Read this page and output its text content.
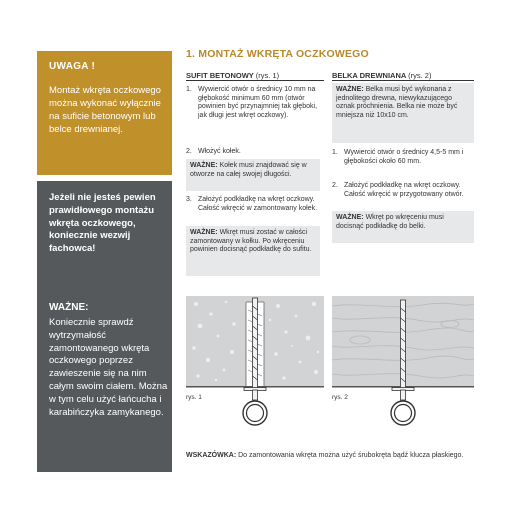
UWAGA !
Montaż wkręta oczkowego można wykonać wyłącznie na suficie betonowym lub belce drewnianej.
Jeżeli nie jesteś pewien prawidłowego montażu wkręta oczkowego, koniecznie wezwij fachowca!
WAŻNE:
Koniecznie sprawdź wytrzymałość zamontowanego wkręta oczkowego poprzez zawieszenie się na nim całym swoim ciałem. Można w tym celu użyć łańcucha i karabińczyka zamykanego.
1. MONTAŻ WKRĘTA OCZKOWEGO
SUFIT BETONOWY (rys. 1)
1. Wywiercić otwór o średnicy 10 mm na głębokość minimum 60 mm (otwór powinien być przynajmniej tak głęboki, jak długi jest wkręt oczkowy).
2. Włożyć kołek.
WAŻNE: Kołek musi znajdować się w otworze na całej swojej długości.
3. Założyć podkładkę na wkręt oczkowy. Całość wkręcić w zamontowany kołek.
WAŻNE: Wkręt musi zostać w całości zamontowany w kołku. Po wkręceniu powinien docisnąć podkładkę do sufitu.
BELKA DREWNIANA (rys. 2)
WAŻNE: Belka musi być wykonana z jednolitego drewna, niewykazującego oznak próchnienia. Belka nie może być mniejsza niż 10x10 cm.
1. Wywiercić otwór o średnicy 4,5-5 mm i głębokości około 60 mm.
2. Założyć podkładkę na wkręt oczkowy. Całość wkręcić w przygotowany otwór.
WAŻNE: Wkręt po wkręceniu musi docisnąć podkładkę do belki.
rys. 1	rys. 2
WSKAZÓWKA: Do zamontowania wkręta można użyć śrubokręta bądź klucza płaskiego.
